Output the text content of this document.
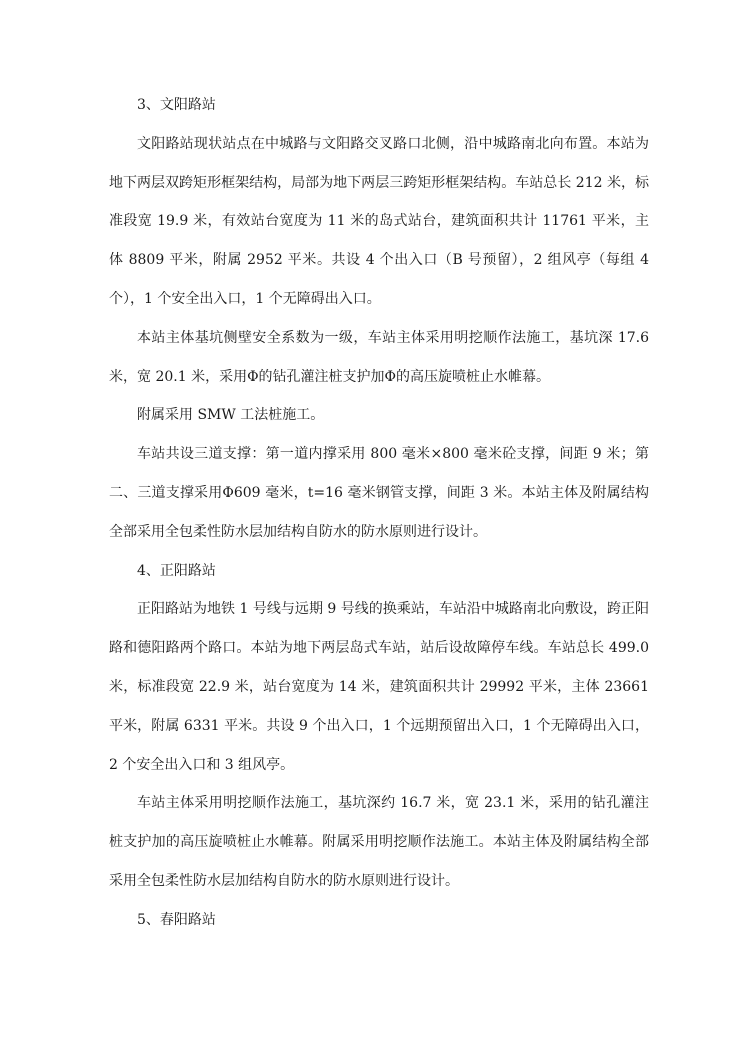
3、文阳路站

文阳路站现状站点在中城路与文阳路交叉路口北侧，沿中城路南北向布置。本站为地下两层双跨矩形框架结构，局部为地下两层三跨矩形框架结构。车站总长 212 米，标准段宽 19.9 米，有效站台宽度为 11 米的岛式站台，建筑面积共计 11761 平米，主体 8809 平米，附属 2952 平米。共设 4 个出入口（B 号预留），2 组风亭（每组 4 个），1 个安全出入口，1 个无障碍出入口。

本站主体基坑侧壁安全系数为一级，车站主体采用明挖顺作法施工，基坑深 17.6 米，宽 20.1 米，采用Φ的钻孔灌注桩支护加Φ的高压旋喷桩止水帷幕。

附属采用 SMW 工法桩施工。

车站共设三道支撑：第一道内撑采用 800 毫米×800 毫米砼支撑，间距 9 米；第二、三道支撑采用Φ609 毫米，t=16 毫米钢管支撑，间距 3 米。本站主体及附属结构全部采用全包柔性防水层加结构自防水的防水原则进行设计。

4、正阳路站

正阳路站为地铁 1 号线与远期 9 号线的换乘站，车站沿中城路南北向敷设，跨正阳路和德阳路两个路口。本站为地下两层岛式车站，站后设故障停车线。车站总长 499.0 米，标准段宽 22.9 米，站台宽度为 14 米，建筑面积共计 29992 平米，主体 23661 平米，附属 6331 平米。共设 9 个出入口，1 个远期预留出入口，1 个无障碍出入口，2 个安全出入口和 3 组风亭。

车站主体采用明挖顺作法施工，基坑深约 16.7 米，宽 23.1 米，采用的钻孔灌注桩支护加的高压旋喷桩止水帷幕。附属采用明挖顺作法施工。本站主体及附属结构全部采用全包柔性防水层加结构自防水的防水原则进行设计。

5、春阳路站
